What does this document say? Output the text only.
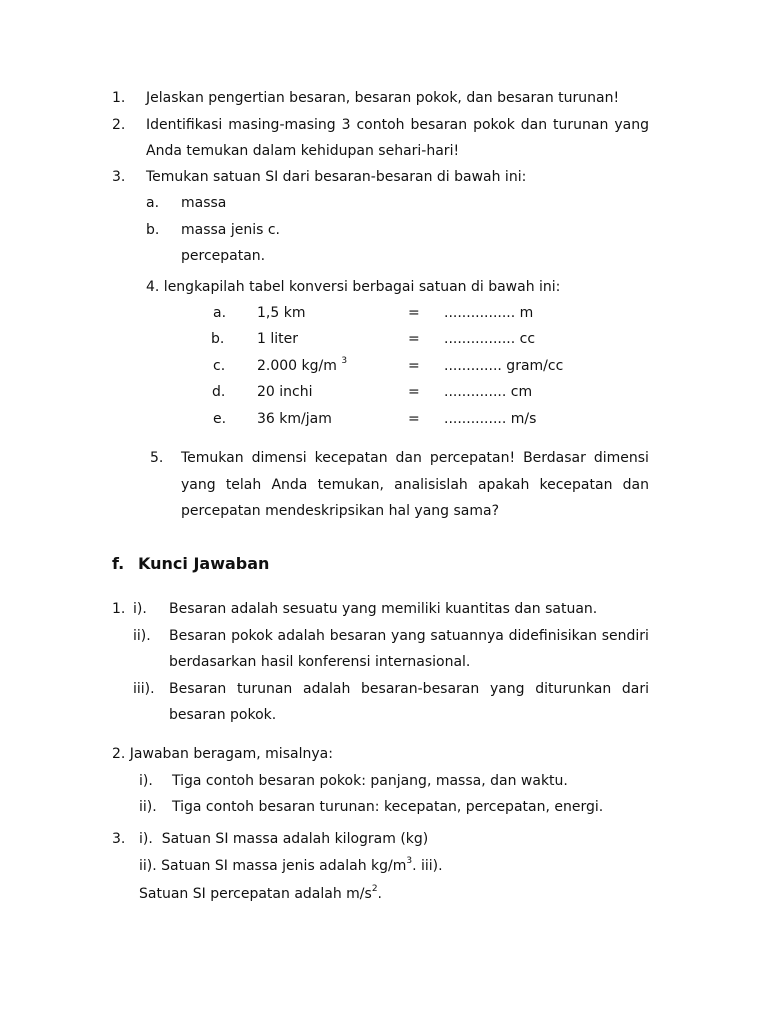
1. Jelaskan pengertian besaran, besaran pokok, dan besaran turunan!
2. Identifikasi masing-masing 3 contoh besaran pokok dan turunan yang
Anda temukan dalam kehidupan sehari-hari!
3. Temukan satuan SI dari besaran-besaran di bawah ini:
a. massa
b. massa jenis c.
percepatan.
4. lengkapilah tabel konversi berbagai satuan di bawah ini:
a. 1,5 km	= ................ m
b. 1 liter	= ................ cc
c. 2.000 kg/m $^3$	= ............. gram/cc
d. 20 inchi	= .............. cm
e. 36 km/jam	= .............. m/s
5. Temukan dimensi kecepatan dan percepatan! Berdasar dimensi
yang telah Anda temukan, analisislah apakah kecepatan dan
percepatan mendeskripsikan hal yang sama?
f. Kunci Jawaban
1. i). Besaran adalah sesuatu yang memiliki kuantitas dan satuan.
ii). Besaran pokok adalah besaran yang satuannya didefinisikan sendiri
berdasarkan hasil konferensi internasional.
iii). Besaran turunan adalah besaran-besaran yang diturunkan dari
besaran pokok.
2. Jawaban beragam, misalnya:
i). Tiga contoh besaran pokok: panjang, massa, dan waktu.
ii). Tiga contoh besaran turunan: kecepatan, percepatan, energi.
3. i).  Satuan SI massa adalah kilogram (kg)
ii). Satuan SI massa jenis adalah $kg/m^3$. iii).
Satuan SI percepatan adalah $m/s^2$.
